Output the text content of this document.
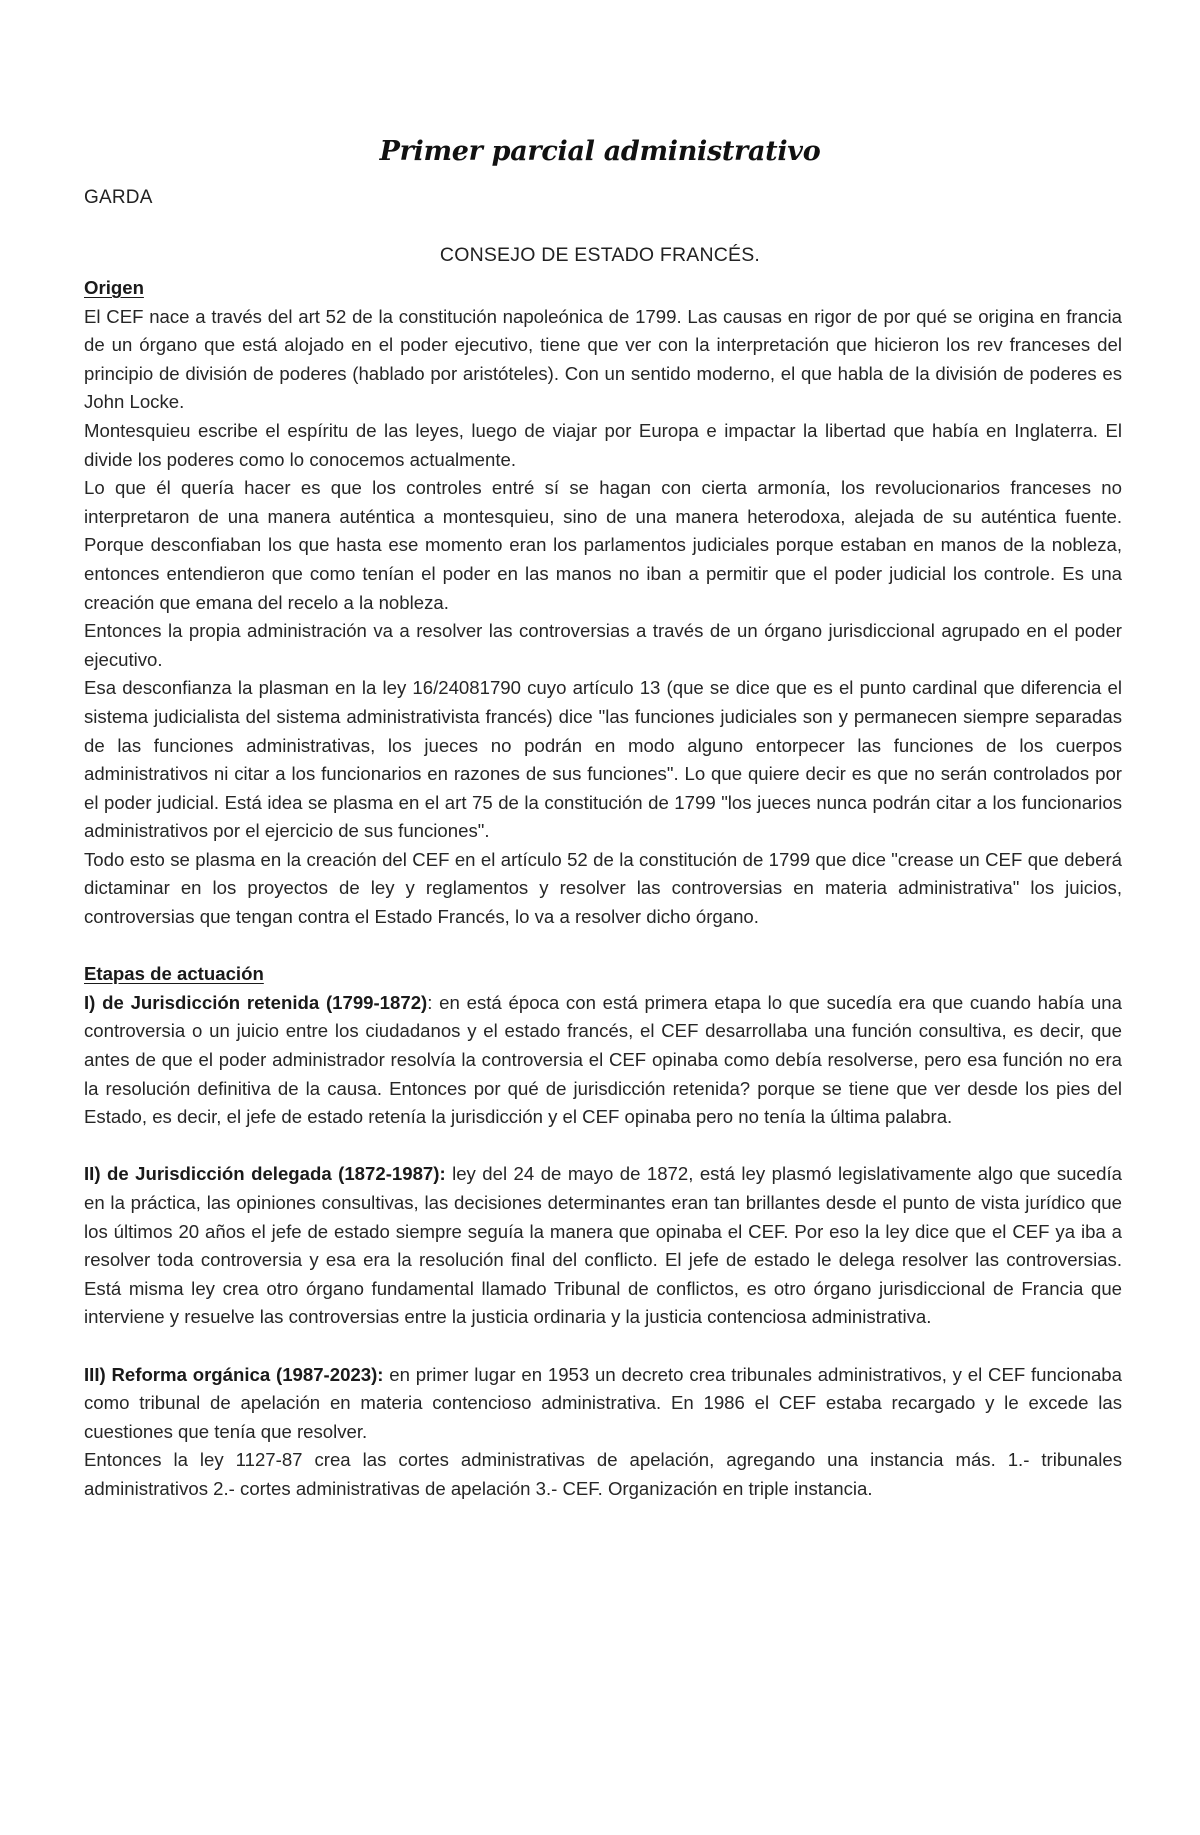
Primer parcial administrativo
GARDA
CONSEJO DE ESTADO FRANCÉS.

Origen

El CEF nace a través del art 52 de la constitución napoleónica de 1799. Las causas en rigor de por qué se origina en francia de un órgano que está alojado en el poder ejecutivo, tiene que ver con la interpretación que hicieron los rev franceses del principio de división de poderes (hablado por aristóteles). Con un sentido moderno, el que habla de la división de poderes es John Locke.

Montesquieu escribe el espíritu de las leyes, luego de viajar por Europa e impactar la libertad que había en Inglaterra. El divide los poderes como lo conocemos actualmente.

Lo que él quería hacer es que los controles entré sí se hagan con cierta armonía, los revolucionarios franceses no interpretaron de una manera auténtica a montesquieu, sino de una manera heterodoxa, alejada de su auténtica fuente. Porque desconfiaban los que hasta ese momento eran los parlamentos judiciales porque estaban en manos de la nobleza, entonces entendieron que como tenían el poder en las manos no iban a permitir que el poder judicial los controle. Es una creación que emana del recelo a la nobleza.

Entonces la propia administración va a resolver las controversias a través de un órgano jurisdiccional agrupado en el poder ejecutivo.

Esa desconfianza la plasman en la ley 16/24081790 cuyo artículo 13 (que se dice que es el punto cardinal que diferencia el sistema judicialista del sistema administrativista francés) dice "las funciones judiciales son y permanecen siempre separadas de las funciones administrativas, los jueces no podrán en modo alguno entorpecer las funciones de los cuerpos administrativos ni citar a los funcionarios en razones de sus funciones". Lo que quiere decir es que no serán controlados por el poder judicial. Está idea se plasma en el art 75 de la constitución de 1799 "los jueces nunca podrán citar a los funcionarios administrativos por el ejercicio de sus funciones".

Todo esto se plasma en la creación del CEF en el artículo 52 de la constitución de 1799 que dice "crease un CEF que deberá dictaminar en los proyectos de ley y reglamentos y resolver las controversias en materia administrativa" los juicios, controversias que tengan contra el Estado Francés, lo va a resolver dicho órgano.

Etapas de actuación

I) de Jurisdicción retenida (1799-1872): en está época con está primera etapa lo que sucedía era que cuando había una controversia o un juicio entre los ciudadanos y el estado francés, el CEF desarrollaba una función consultiva, es decir, que antes de que el poder administrador resolvía la controversia el CEF opinaba como debía resolverse, pero esa función no era la resolución definitiva de la causa. Entonces por qué de jurisdicción retenida? porque se tiene que ver desde los pies del Estado, es decir, el jefe de estado retenía la jurisdicción y el CEF opinaba pero no tenía la última palabra.

II) de Jurisdicción delegada (1872-1987): ley del 24 de mayo de 1872, está ley plasmó legislativamente algo que sucedía en la práctica, las opiniones consultivas, las decisiones determinantes eran tan brillantes desde el punto de vista jurídico que los últimos 20 años el jefe de estado siempre seguía la manera que opinaba el CEF. Por eso la ley dice que el CEF ya iba a resolver toda controversia y esa era la resolución final del conflicto. El jefe de estado le delega resolver las controversias. Está misma ley crea otro órgano fundamental llamado Tribunal de conflictos, es otro órgano jurisdiccional de Francia que interviene y resuelve las controversias entre la justicia ordinaria y la justicia contenciosa administrativa.

III) Reforma orgánica (1987-2023): en primer lugar en 1953 un decreto crea tribunales administrativos, y el CEF funcionaba como tribunal de apelación en materia contencioso administrativa. En 1986 el CEF estaba recargado y le excede las cuestiones que tenía que resolver.

Entonces la ley 1127-87 crea las cortes administrativas de apelación, agregando una instancia más. 1.- tribunales administrativos 2.- cortes administrativas de apelación 3.- CEF. Organización en triple instancia.
